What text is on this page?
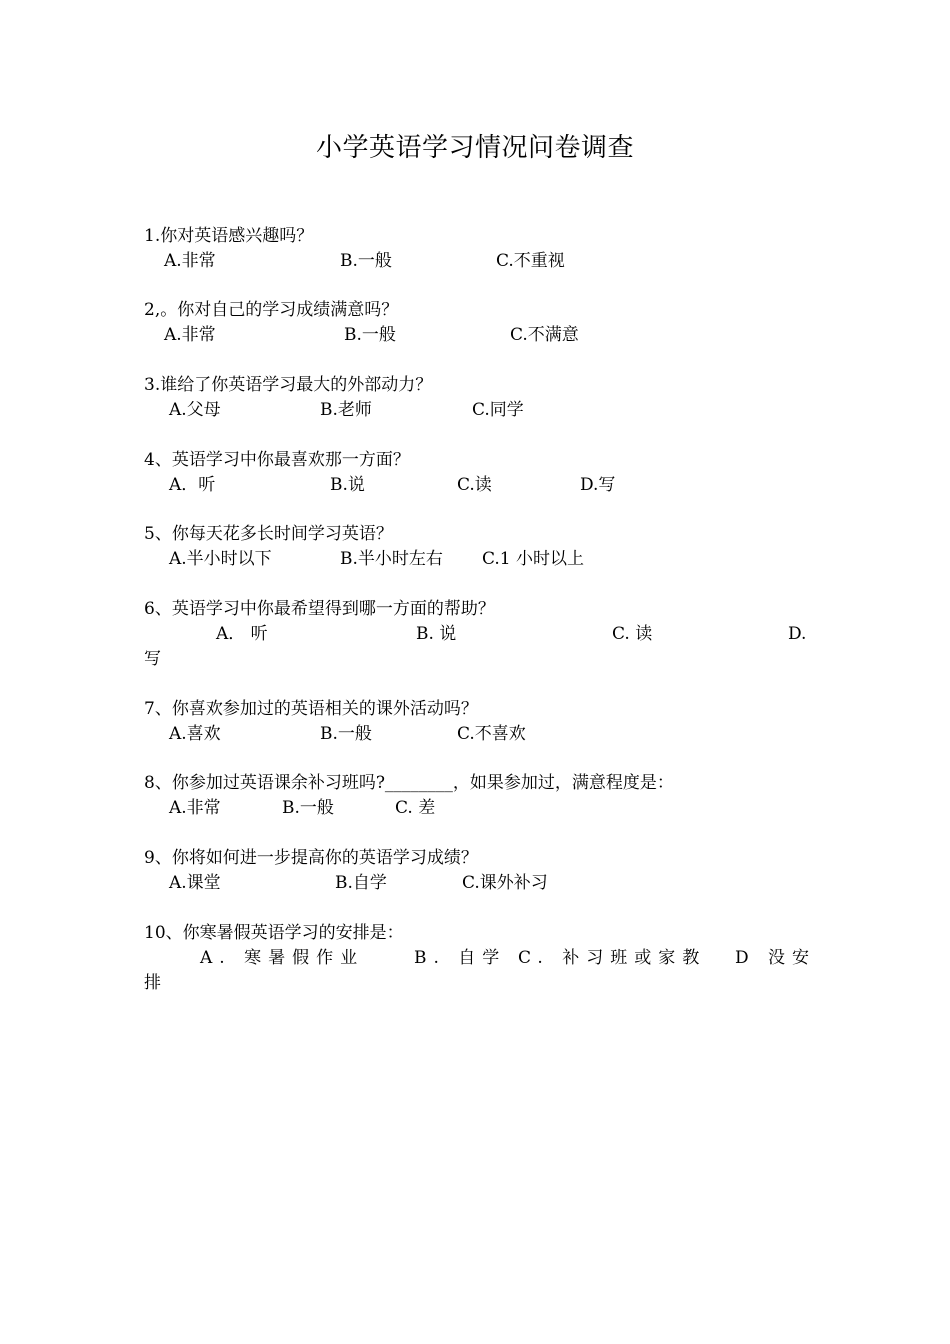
小学英语学习情况问卷调查
1.你对英语感兴趣吗？
A.非常	B.一般	C.不重视
2,。你对自己的学习成绩满意吗？
A.非常	B.一般	C.不满意
3.谁给了你英语学习最大的外部动力？
A.父母	B.老师	C.同学
4、英语学习中你最喜欢那一方面？
A．听	B.说	C.读	D.写
5、你每天花多长时间学习英语？
A.半小时以下	B.半小时左右 C.1 小时以上
6、英语学习中你最希望得到哪一方面的帮助？
A． 听	B. 说	C. 读	D.
写
7、你喜欢参加过的英语相关的课外活动吗？
A.喜欢	B.一般	C.不喜欢
8、你参加过英语课余补习班吗?________，如果参加过，满意程度是：
A.非常	B.一般	C. 差
9、你将如何进一步提高你的英语学习成绩？
A.课堂	B.自学	C.课外补习
10、你寒暑假英语学习的安排是：
A. 寒暑假作业	B. 自学 C. 补习班或家教 D 没安
排
